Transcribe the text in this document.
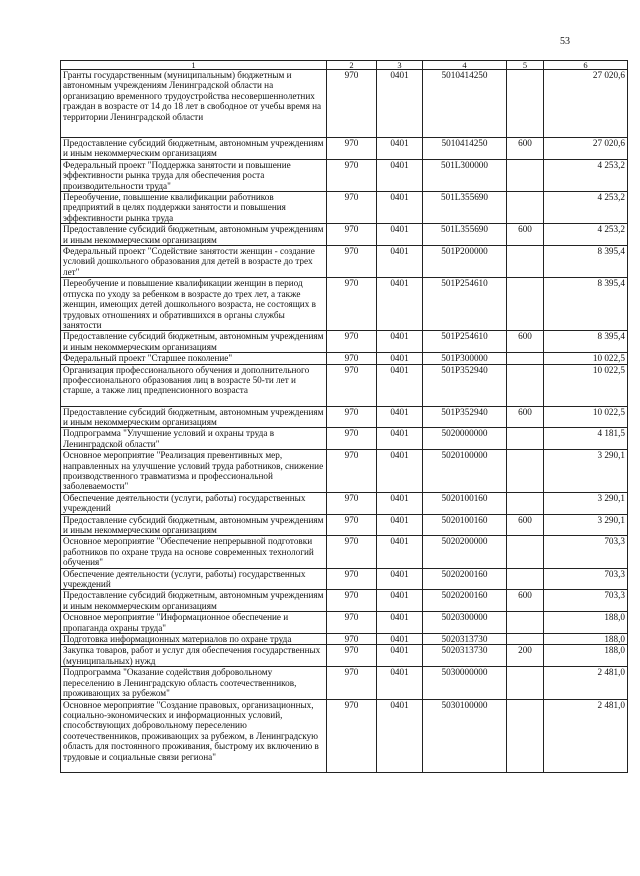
53
1	2	3	4	5	6
Гранты государственным (муниципальным) бюджетным и автономным учреждениям Ленинградской области на организацию временного трудоустройства несовершеннолетних граждан в возрасте от 14 до 18 лет в свободное от учебы время на территории Ленинградской области	970	0401	5010414250		27 020,6
Предоставление субсидий бюджетным, автономным учреждениям и иным некоммерческим организациям	970	0401	5010414250	600	27 020,6
Федеральный проект "Поддержка занятости и повышение эффективности рынка труда для обеспечения роста производительности труда"	970	0401	501L300000		4 253,2
Переобучение, повышение квалификации работников предприятий в целях поддержки занятости и повышения эффективности рынка труда	970	0401	501L355690		4 253,2
Предоставление субсидий бюджетным, автономным учреждениям и иным некоммерческим организациям	970	0401	501L355690	600	4 253,2
Федеральный проект "Содействие занятости женщин - создание условий дошкольного образования для детей в возрасте до трех лет"	970	0401	501P200000		8 395,4
Переобучение и повышение квалификации женщин в период отпуска по уходу за ребенком в возрасте до трех лет, а также женщин, имеющих детей дошкольного возраста, не состоящих в трудовых отношениях и обратившихся в органы службы занятости	970	0401	501P254610		8 395,4
Предоставление субсидий бюджетным, автономным учреждениям и иным некоммерческим организациям	970	0401	501P254610	600	8 395,4
Федеральный проект "Старшее поколение"	970	0401	501P300000		10 022,5
Организация профессионального обучения и дополнительного профессионального образования лиц в возрасте 50-ти лет и старше, а также лиц предпенсионного возраста	970	0401	501P352940		10 022,5
Предоставление субсидий бюджетным, автономным учреждениям и иным некоммерческим организациям	970	0401	501P352940	600	10 022,5
Подпрограмма "Улучшение условий и охраны труда в Ленинградской области"	970	0401	5020000000		4 181,5
Основное мероприятие "Реализация превентивных мер, направленных на улучшение условий труда работников, снижение производственного травматизма и профессиональной заболеваемости"	970	0401	5020100000		3 290,1
Обеспечение деятельности (услуги, работы) государственных учреждений	970	0401	5020100160		3 290,1
Предоставление субсидий бюджетным, автономным учреждениям и иным некоммерческим организациям	970	0401	5020100160	600	3 290,1
Основное мероприятие "Обеспечение непрерывной подготовки работников по охране труда на основе современных технологий обучения"	970	0401	5020200000		703,3
Обеспечение деятельности (услуги, работы) государственных учреждений	970	0401	5020200160		703,3
Предоставление субсидий бюджетным, автономным учреждениям и иным некоммерческим организациям	970	0401	5020200160	600	703,3
Основное мероприятие "Информационное обеспечение и пропаганда охраны труда"	970	0401	5020300000		188,0
Подготовка информационных материалов по охране труда	970	0401	5020313730		188,0
Закупка товаров, работ и услуг для обеспечения государственных (муниципальных) нужд	970	0401	5020313730	200	188,0
Подпрограмма "Оказание содействия добровольному переселению в Ленинградскую область соотечественников, проживающих за рубежом"	970	0401	5030000000		2 481,0
Основное мероприятие "Создание правовых, организационных, социально-экономических и информационных условий, способствующих добровольному переселению соотечественников, проживающих за рубежом, в Ленинградскую область для постоянного проживания, быстрому их включению в трудовые и социальные связи региона"	970	0401	5030100000		2 481,0
